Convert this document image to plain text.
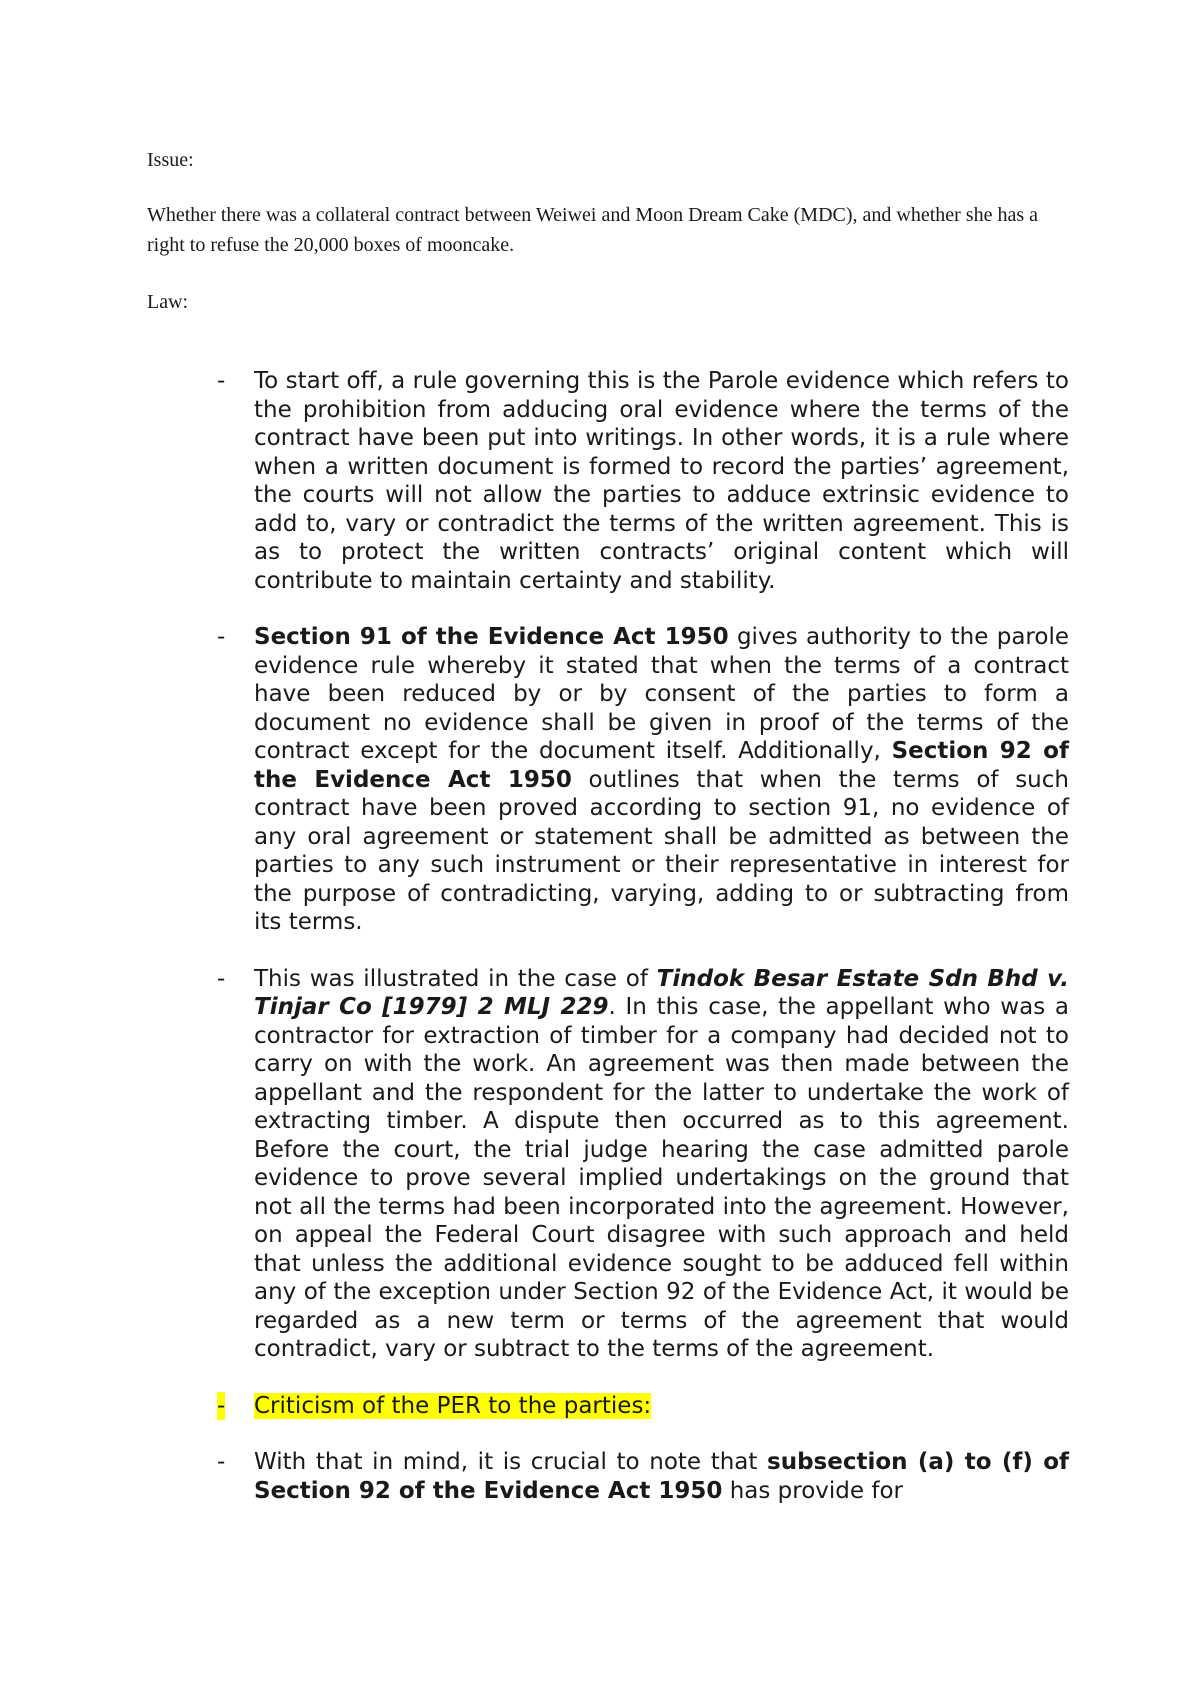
Issue:
Whether there was a collateral contract between Weiwei and Moon Dream Cake (MDC), and whether she has a right to refuse the 20,000 boxes of mooncake.
Law:
- To start off, a rule governing this is the Parole evidence which refers to the prohibition from adducing oral evidence where the terms of the contract have been put into writings. In other words, it is a rule where when a written document is formed to record the parties’ agreement, the courts will not allow the parties to adduce extrinsic evidence to add to, vary or contradict the terms of the written agreement. This is as to protect the written contracts’ original content which will contribute to maintain certainty and stability.

- Section 91 of the Evidence Act 1950 gives authority to the parole evidence rule whereby it stated that when the terms of a contract have been reduced by or by consent of the parties to form a document no evidence shall be given in proof of the terms of the contract except for the document itself. Additionally, Section 92 of the Evidence Act 1950 outlines that when the terms of such contract have been proved according to section 91, no evidence of any oral agreement or statement shall be admitted as between the parties to any such instrument or their representative in interest for the purpose of contradicting, varying, adding to or subtracting from its terms.

- This was illustrated in the case of Tindok Besar Estate Sdn Bhd v. Tinjar Co [1979] 2 MLJ 229. In this case, the appellant who was a contractor for extraction of timber for a company had decided not to carry on with the work. An agreement was then made between the appellant and the respondent for the latter to undertake the work of extracting timber. A dispute then occurred as to this agreement. Before the court, the trial judge hearing the case admitted parole evidence to prove several implied undertakings on the ground that not all the terms had been incorporated into the agreement. However, on appeal the Federal Court disagree with such approach and held that unless the additional evidence sought to be adduced fell within any of the exception under Section 92 of the Evidence Act, it would be regarded as a new term or terms of the agreement that would contradict, vary or subtract to the terms of the agreement.

- Criticism of the PER to the parties:

- With that in mind, it is crucial to note that subsection (a) to (f) of Section 92 of the Evidence Act 1950 has provide for
